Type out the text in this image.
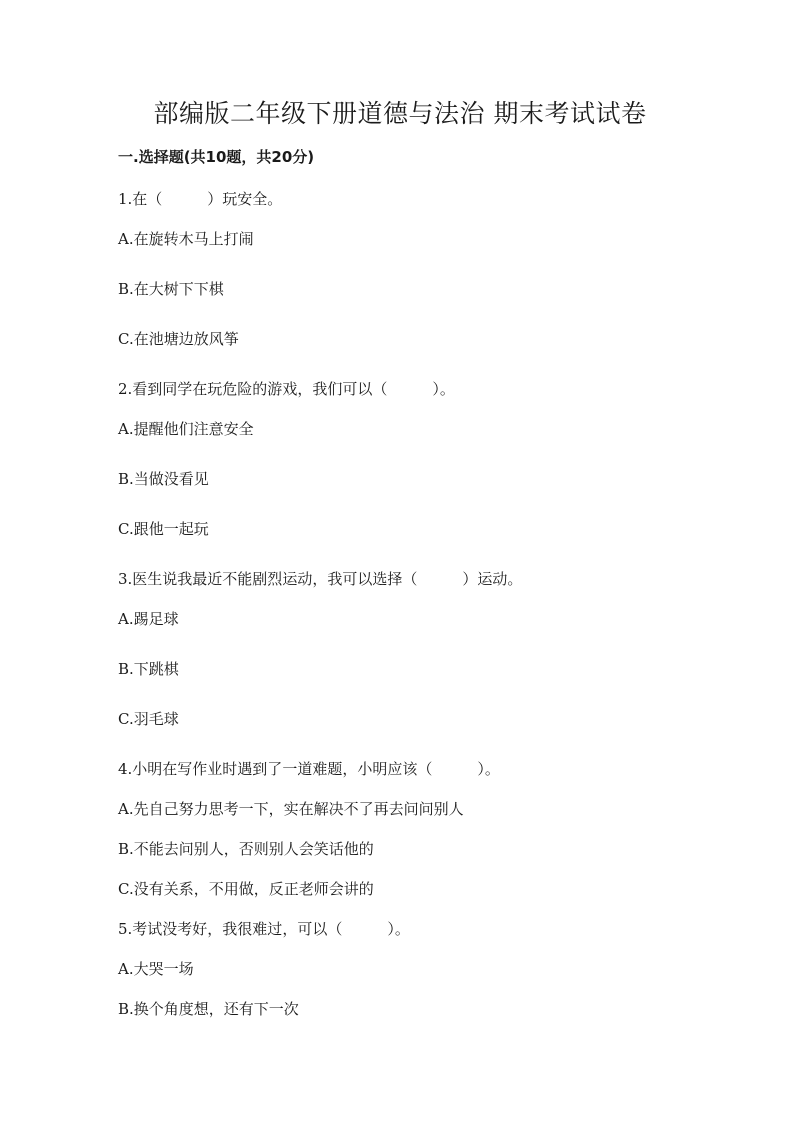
部编版二年级下册道德与法治 期末考试试卷
一.选择题(共10题，共20分)
1.在（　　　）玩安全。
A.在旋转木马上打闹
B.在大树下下棋
C.在池塘边放风筝
2.看到同学在玩危险的游戏，我们可以（　　　）。
A.提醒他们注意安全
B.当做没看见
C.跟他一起玩
3.医生说我最近不能剧烈运动，我可以选择（　　　）运动。
A.踢足球
B.下跳棋
C.羽毛球
4.小明在写作业时遇到了一道难题，小明应该（　　　）。
A.先自己努力思考一下，实在解决不了再去问问别人
B.不能去问别人，否则别人会笑话他的
C.没有关系，不用做，反正老师会讲的
5.考试没考好，我很难过，可以（　　　）。
A.大哭一场
B.换个角度想，还有下一次
